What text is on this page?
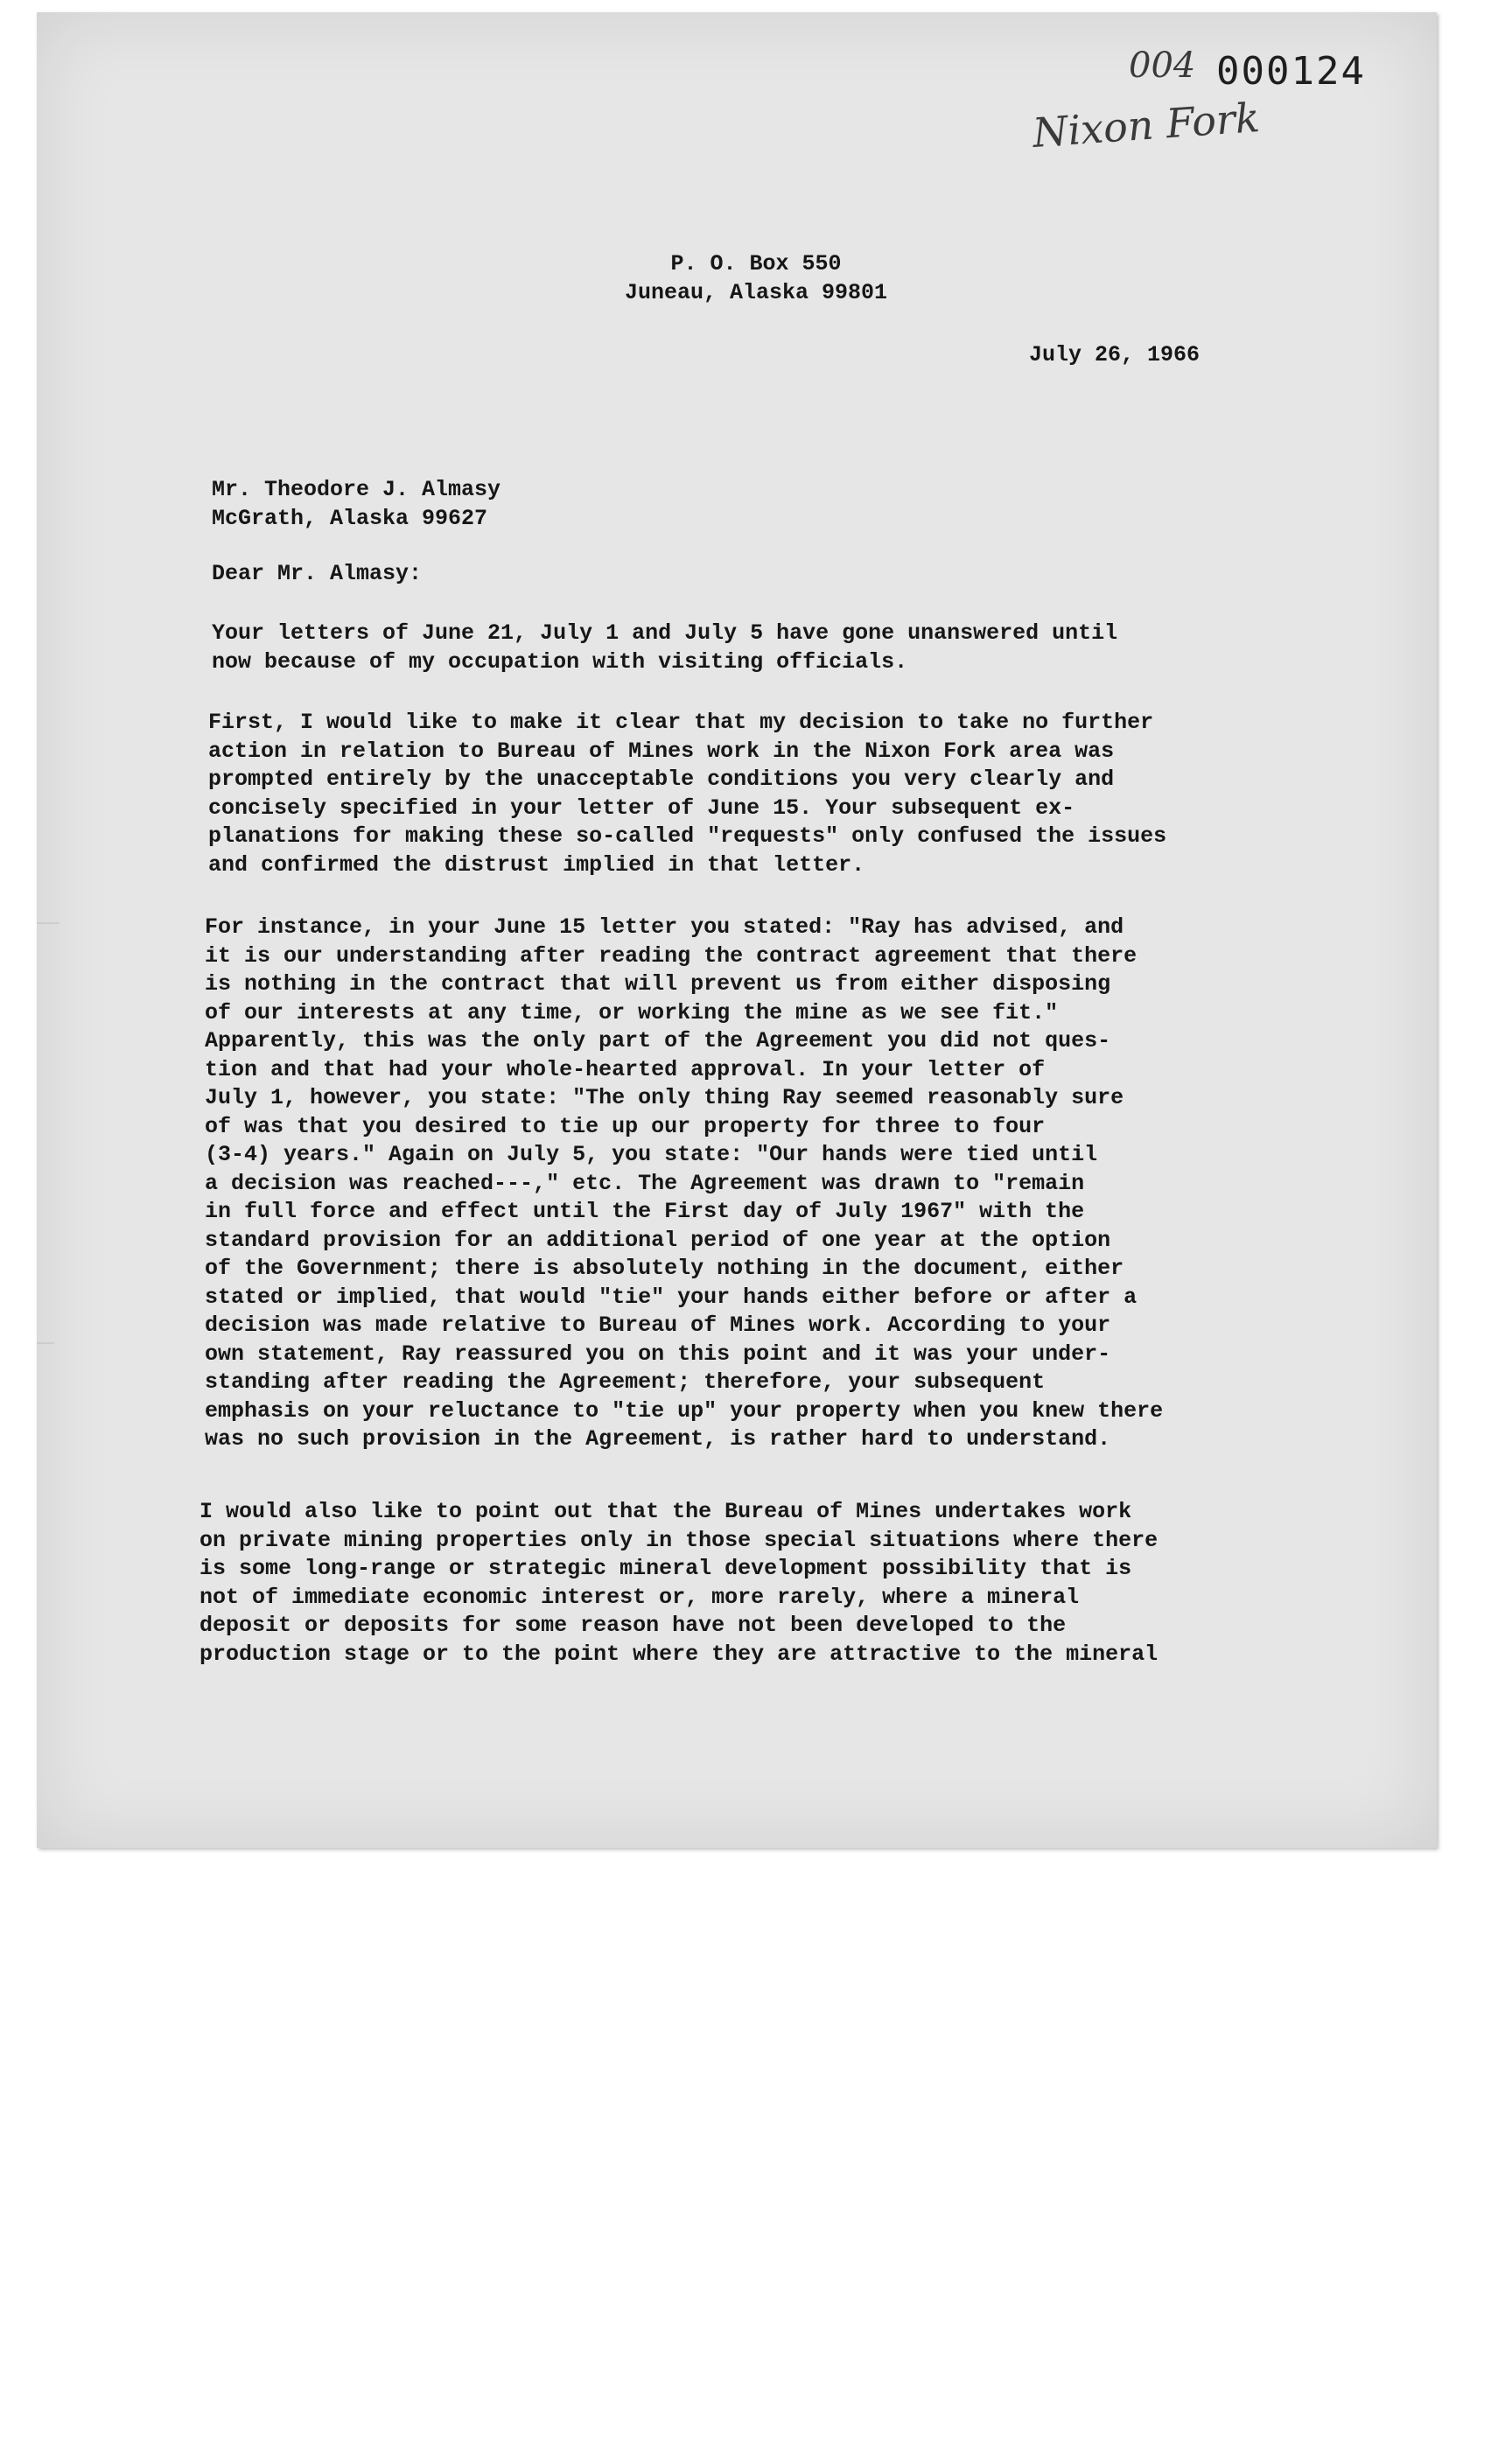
004 000124
Nixon Fork
P. O. Box 550
Juneau, Alaska 99801
July 26, 1966
Mr. Theodore J. Almasy
McGrath, Alaska 99627
Dear Mr. Almasy:
Your letters of June 21, July 1 and July 5 have gone unanswered until
now because of my occupation with visiting officials.
First, I would like to make it clear that my decision to take no further
action in relation to Bureau of Mines work in the Nixon Fork area was
prompted entirely by the unacceptable conditions you very clearly and
concisely specified in your letter of June 15. Your subsequent ex-
planations for making these so-called "requests" only confused the issues
and confirmed the distrust implied in that letter.
For instance, in your June 15 letter you stated: "Ray has advised, and
it is our understanding after reading the contract agreement that there
is nothing in the contract that will prevent us from either disposing
of our interests at any time, or working the mine as we see fit."
Apparently, this was the only part of the Agreement you did not ques-
tion and that had your whole-hearted approval. In your letter of
July 1, however, you state: "The only thing Ray seemed reasonably sure
of was that you desired to tie up our property for three to four
(3-4) years." Again on July 5, you state: "Our hands were tied until
a decision was reached---," etc. The Agreement was drawn to "remain
in full force and effect until the First day of July 1967" with the
standard provision for an additional period of one year at the option
of the Government; there is absolutely nothing in the document, either
stated or implied, that would "tie" your hands either before or after a
decision was made relative to Bureau of Mines work. According to your
own statement, Ray reassured you on this point and it was your under-
standing after reading the Agreement; therefore, your subsequent
emphasis on your reluctance to "tie up" your property when you knew there
was no such provision in the Agreement, is rather hard to understand.
I would also like to point out that the Bureau of Mines undertakes work
on private mining properties only in those special situations where there
is some long-range or strategic mineral development possibility that is
not of immediate economic interest or, more rarely, where a mineral
deposit or deposits for some reason have not been developed to the
production stage or to the point where they are attractive to the mineral
